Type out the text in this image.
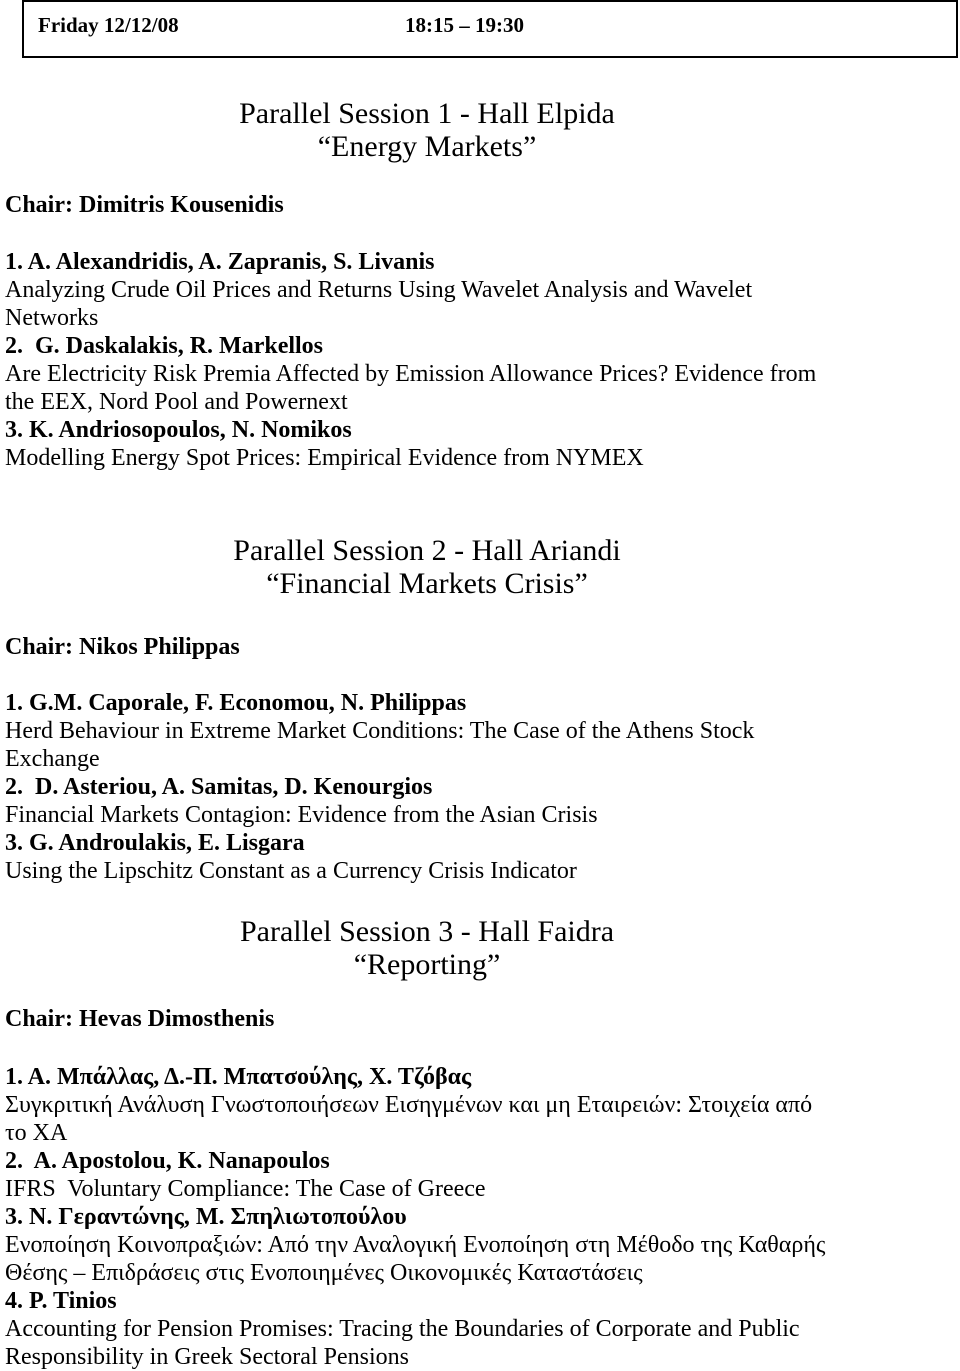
Friday 12/12/08	18:15 – 19:30
Parallel Session 1 - Hall Elpida
“Energy Markets”
Chair: Dimitris Kousenidis
1. A. Alexandridis, A. Zapranis, S. Livanis
Analyzing Crude Oil Prices and Returns Using Wavelet Analysis and Wavelet
Networks
2.  G. Daskalakis, R. Markellos
Are Electricity Risk Premia Affected by Emission Allowance Prices? Evidence from
the EEX, Nord Pool and Powernext
3. K. Andriosopoulos, N. Nomikos
Modelling Energy Spot Prices: Empirical Evidence from NYMEX
Parallel Session 2 - Hall Ariandi
“Financial Markets Crisis”
Chair: Nikos Philippas
1. G.M. Caporale, F. Economou, N. Philippas
Herd Behaviour in Extreme Market Conditions: The Case of the Athens Stock
Exchange
2.  D. Asteriou, A. Samitas, D. Kenourgios
Financial Markets Contagion: Evidence from the Asian Crisis
3. G. Androulakis, E. Lisgara
Using the Lipschitz Constant as a Currency Crisis Indicator
Parallel Session 3 - Hall Faidra
“Reporting”
Chair: Hevas Dimosthenis
1. Α. Μπάλλας, Δ.-Π. Μπατσούλης, Χ. Τζόβας
Συγκριτική Ανάλυση Γνωστοποιήσεων Εισηγμένων και μη Εταιρειών: Στοιχεία από
το ΧΑ
2.  A. Apostolou, K. Nanapoulos
IFRS  Voluntary Compliance: The Case of Greece
3. Ν. Γεραντώνης, Μ. Σπηλιωτοπούλου
Ενοποίηση Κοινοπραξιών: Από την Αναλογική Ενοποίηση στη Μέθοδο της Καθαρής
Θέσης – Επιδράσεις στις Ενοποιημένες Οικονομικές Καταστάσεις
4. P. Tinios
Accounting for Pension Promises: Tracing the Boundaries of Corporate and Public
Responsibility in Greek Sectoral Pensions
